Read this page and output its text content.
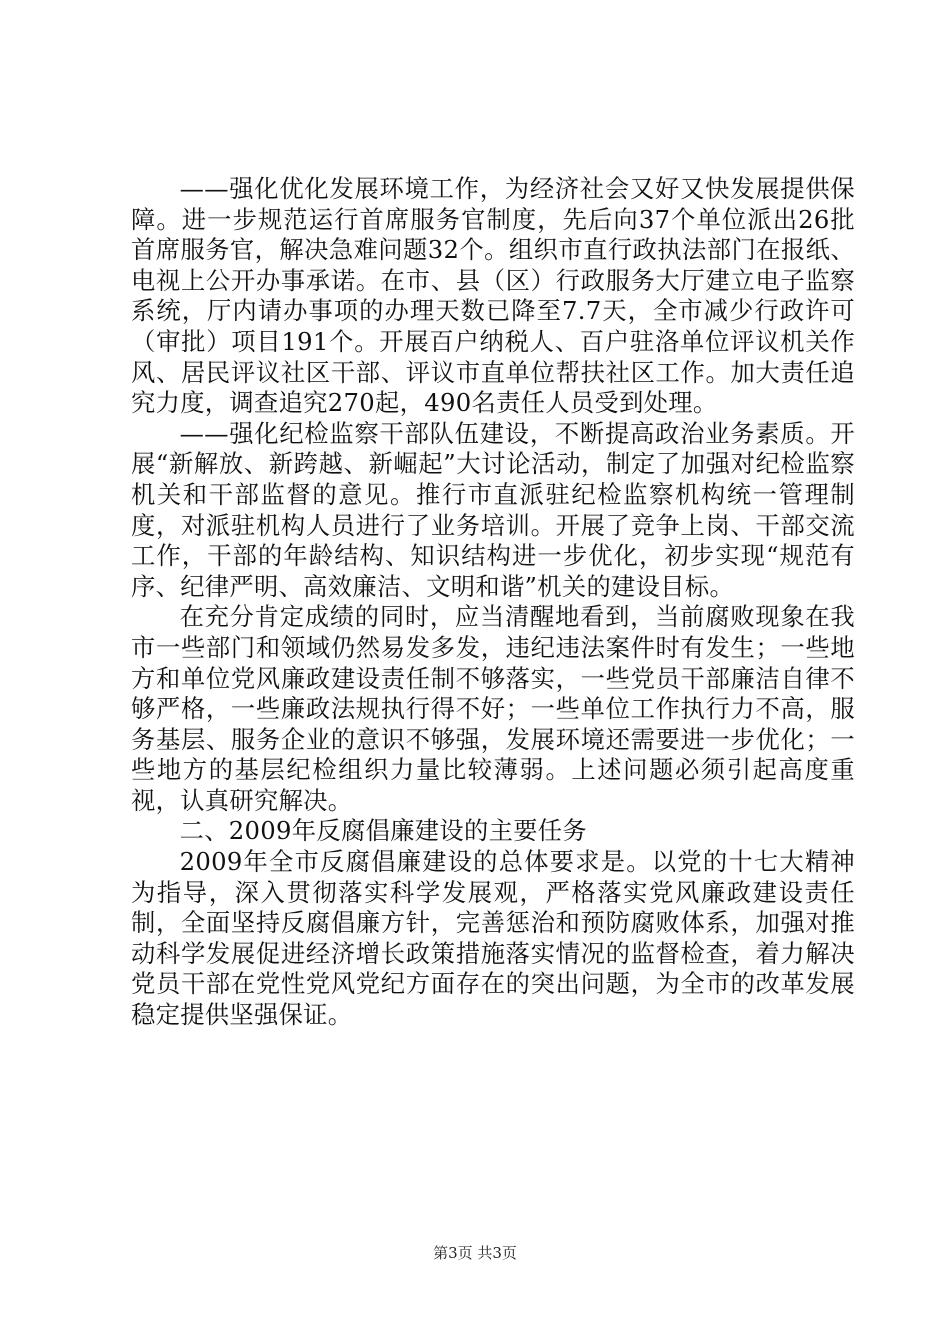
——强化优化发展环境工作，为经济社会又好又快发展提供保障。进一步规范运行首席服务官制度，先后向37个单位派出26批首席服务官，解决急难问题32个。组织市直行政执法部门在报纸、电视上公开办事承诺。在市、县（区）行政服务大厅建立电子监察系统，厅内请办事项的办理天数已降至7.7天，全市减少行政许可（审批）项目191个。开展百户纳税人、百户驻洛单位评议机关作风、居民评议社区干部、评议市直单位帮扶社区工作。加大责任追究力度，调查追究270起，490名责任人员受到处理。

——强化纪检监察干部队伍建设，不断提高政治业务素质。开展“新解放、新跨越、新崛起”大讨论活动，制定了加强对纪检监察机关和干部监督的意见。推行市直派驻纪检监察机构统一管理制度，对派驻机构人员进行了业务培训。开展了竞争上岗、干部交流工作，干部的年龄结构、知识结构进一步优化，初步实现“规范有序、纪律严明、高效廉洁、文明和谐”机关的建设目标。

在充分肯定成绩的同时，应当清醒地看到，当前腐败现象在我市一些部门和领域仍然易发多发，违纪违法案件时有发生；一些地方和单位党风廉政建设责任制不够落实，一些党员干部廉洁自律不够严格，一些廉政法规执行得不好；一些单位工作执行力不高，服务基层、服务企业的意识不够强，发展环境还需要进一步优化；一些地方的基层纪检组织力量比较薄弱。上述问题必须引起高度重视，认真研究解决。

二、2009年反腐倡廉建设的主要任务

2009年全市反腐倡廉建设的总体要求是。以党的十七大精神为指导，深入贯彻落实科学发展观，严格落实党风廉政建设责任制，全面坚持反腐倡廉方针，完善惩治和预防腐败体系，加强对推动科学发展促进经济增长政策措施落实情况的监督检查，着力解决党员干部在党性党风党纪方面存在的突出问题，为全市的改革发展稳定提供坚强保证。

第3页 共3页
